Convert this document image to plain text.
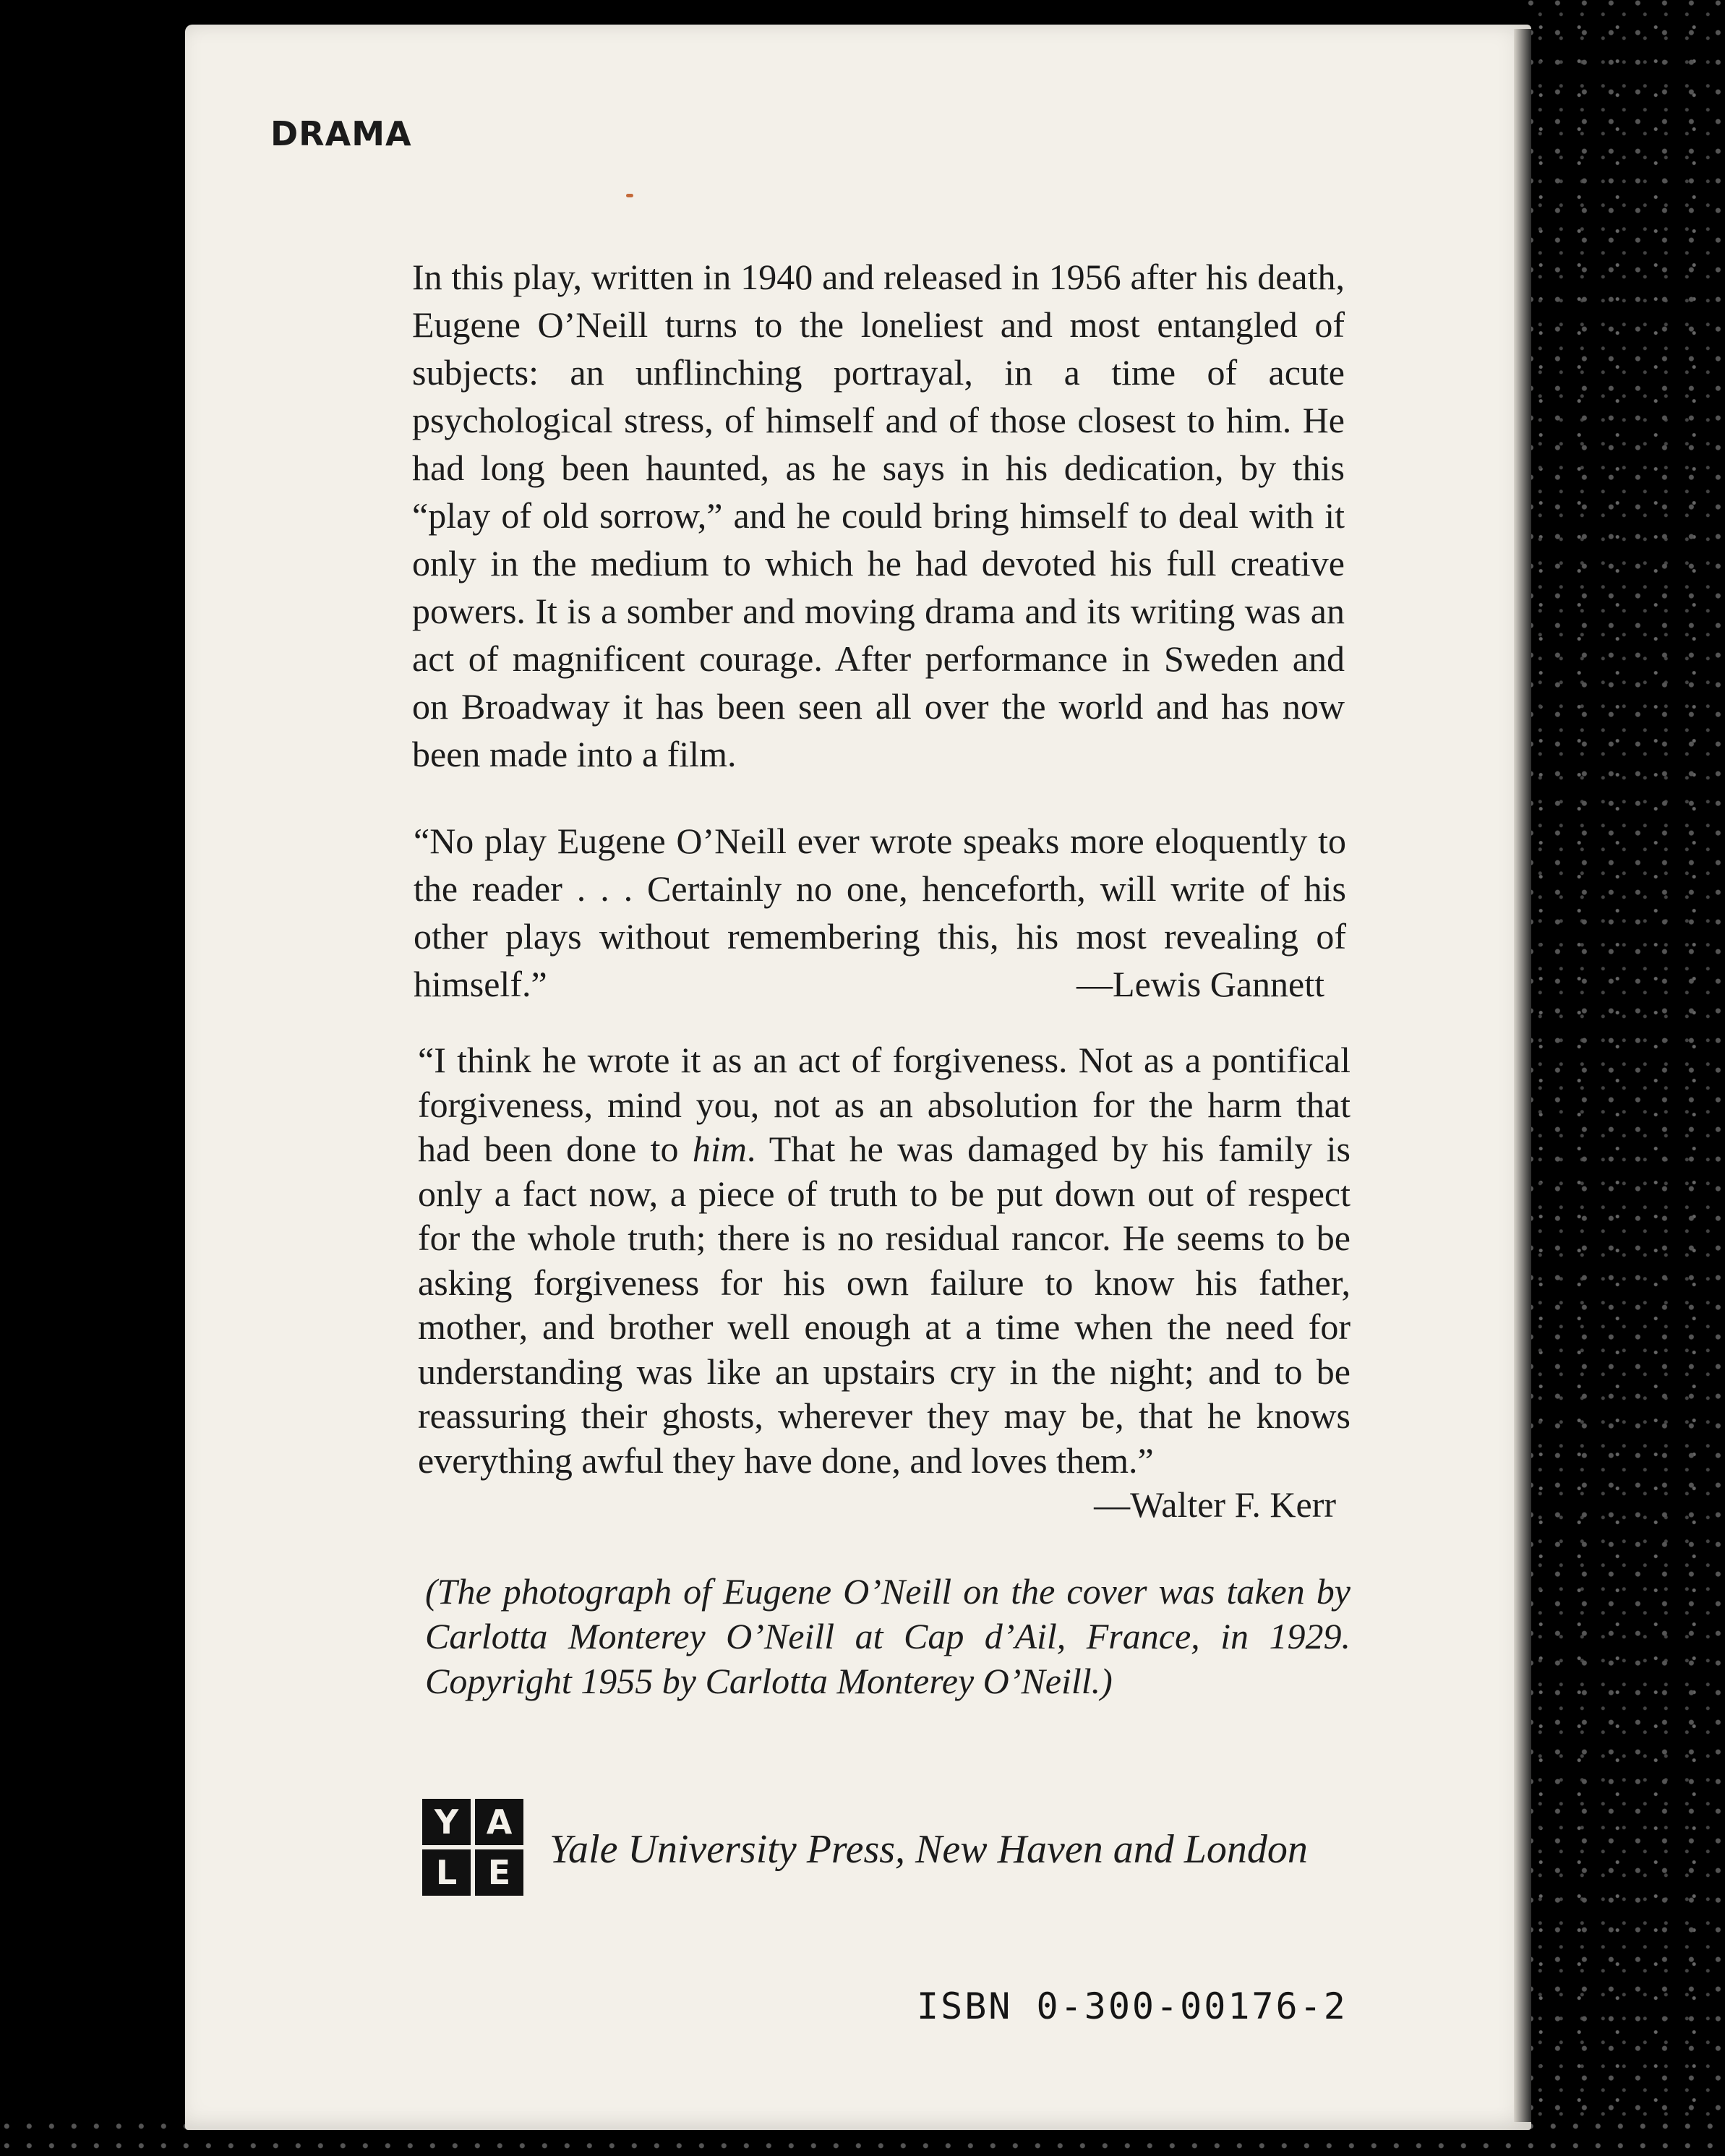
DRAMA

In this play, written in 1940 and released in 1956 after his death, Eugene O’Neill turns to the loneliest and most entangled of subjects: an unflinching portrayal, in a time of acute psychological stress, of himself and of those closest to him. He had long been haunted, as he says in his dedication, by this “play of old sorrow,” and he could bring himself to deal with it only in the medium to which he had devoted his full creative powers. It is a somber and moving drama and its writing was an act of magnificent courage. After performance in Sweden and on Broadway it has been seen all over the world and has now been made into a film.

“No play Eugene O’Neill ever wrote speaks more eloquently to the reader . . . Certainly no one, henceforth, will write of his other plays without remembering this, his most revealing of himself.”	—Lewis Gannett
“I think he wrote it as an act of forgiveness. Not as a pontifical forgiveness, mind you, not as an absolution for the harm that had been done to him. That he was damaged by his family is only a fact now, a piece of truth to be put down out of respect for the whole truth; there is no residual rancor. He seems to be asking forgiveness for his own failure to know his father, mother, and brother well enough at a time when the need for understanding was like an upstairs cry in the night; and to be reassuring their ghosts, wherever they may be, that he knows everything awful they have done, and loves them.”
—Walter F. Kerr

(The photograph of Eugene O’Neill on the cover was taken by Carlotta Monterey O’Neill at Cap d’Ail, France, in 1929. Copyright 1955 by Carlotta Monterey O’Neill.)

Y A
L E
Yale University Press, New Haven and London
ISBN 0-300-00176-2
